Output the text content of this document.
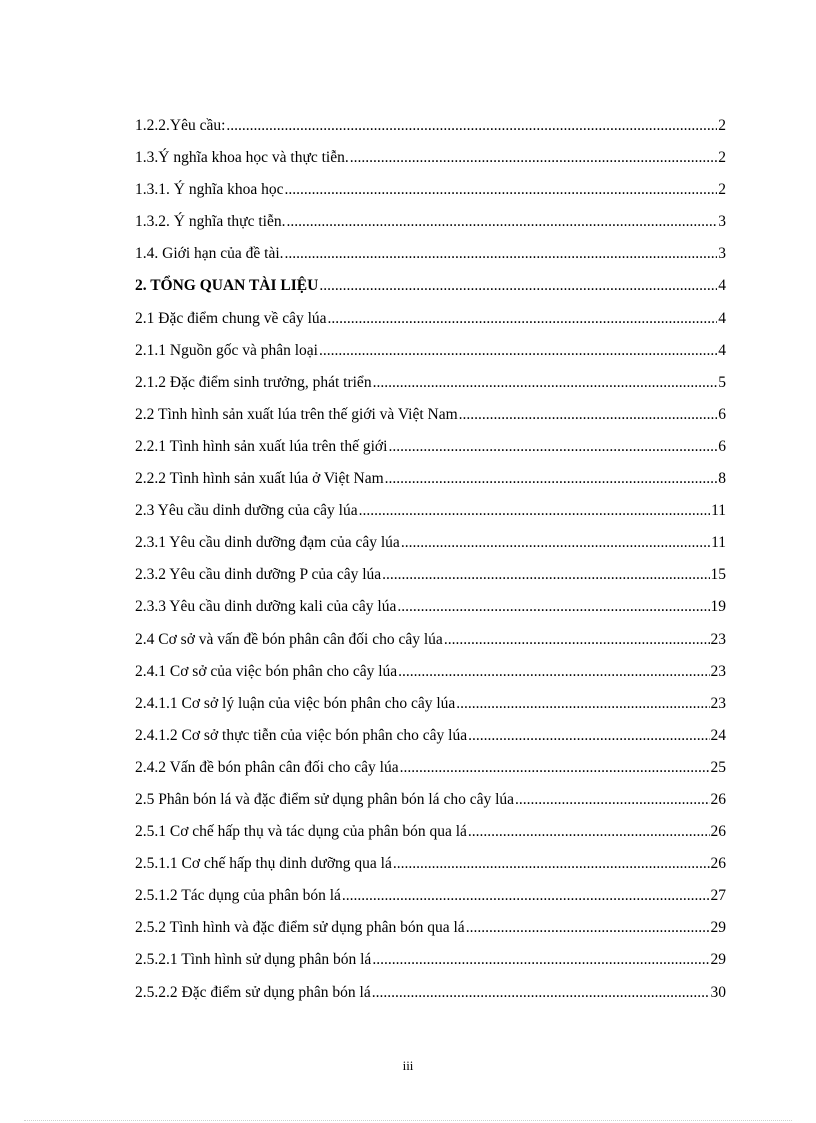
1.2.2.Yêu cầu: .....	2
1.3.Ý nghĩa khoa học và thực tiễn. .....	2
1.3.1. Ý nghĩa khoa học .....	2
1.3.2. Ý nghĩa thực tiễn. .....	3
1.4. Giới hạn của đề tài. .....	3
2. TỔNG QUAN TÀI LIỆU .....	4
2.1 Đặc điểm chung về cây lúa .....	4
2.1.1 Nguồn gốc và phân loại .....	4
2.1.2 Đặc điểm sinh trưởng, phát triển .....	5
2.2 Tình hình sản xuất lúa trên thế giới và Việt Nam .....	6
2.2.1 Tình hình sản xuất lúa trên thế giới .....	6
2.2.2 Tình hình sản xuất lúa ở Việt Nam .....	8
2.3 Yêu cầu dinh dưỡng của cây lúa .....	11
2.3.1 Yêu cầu dinh dưỡng đạm của cây lúa .....	11
2.3.2 Yêu cầu dinh dưỡng P của cây lúa .....	15
2.3.3 Yêu cầu dinh dưỡng kali của cây lúa .....	19
2.4 Cơ sở và vấn đề bón phân cân đối cho cây lúa .....	23
2.4.1 Cơ sở của việc bón phân cho cây lúa .....	23
2.4.1.1 Cơ sở lý luận của việc bón phân cho cây lúa .....	23
2.4.1.2 Cơ sở thực tiễn của việc bón phân cho cây lúa .....	24
2.4.2 Vấn đề bón phân cân đối cho cây lúa .....	25
2.5 Phân bón lá và đặc điểm sử dụng phân bón lá cho cây lúa .....	26
2.5.1 Cơ chế hấp thụ và tác dụng của phân bón qua lá .....	26
2.5.1.1 Cơ chế hấp thụ dinh dưỡng qua lá .....	26
2.5.1.2 Tác dụng của phân bón lá .....	27
2.5.2 Tình hình và đặc điểm sử dụng phân bón qua lá .....	29
2.5.2.1 Tình hình sử dụng phân bón lá .....	29
2.5.2.2 Đặc điểm sử dụng phân bón lá .....	30
iii
